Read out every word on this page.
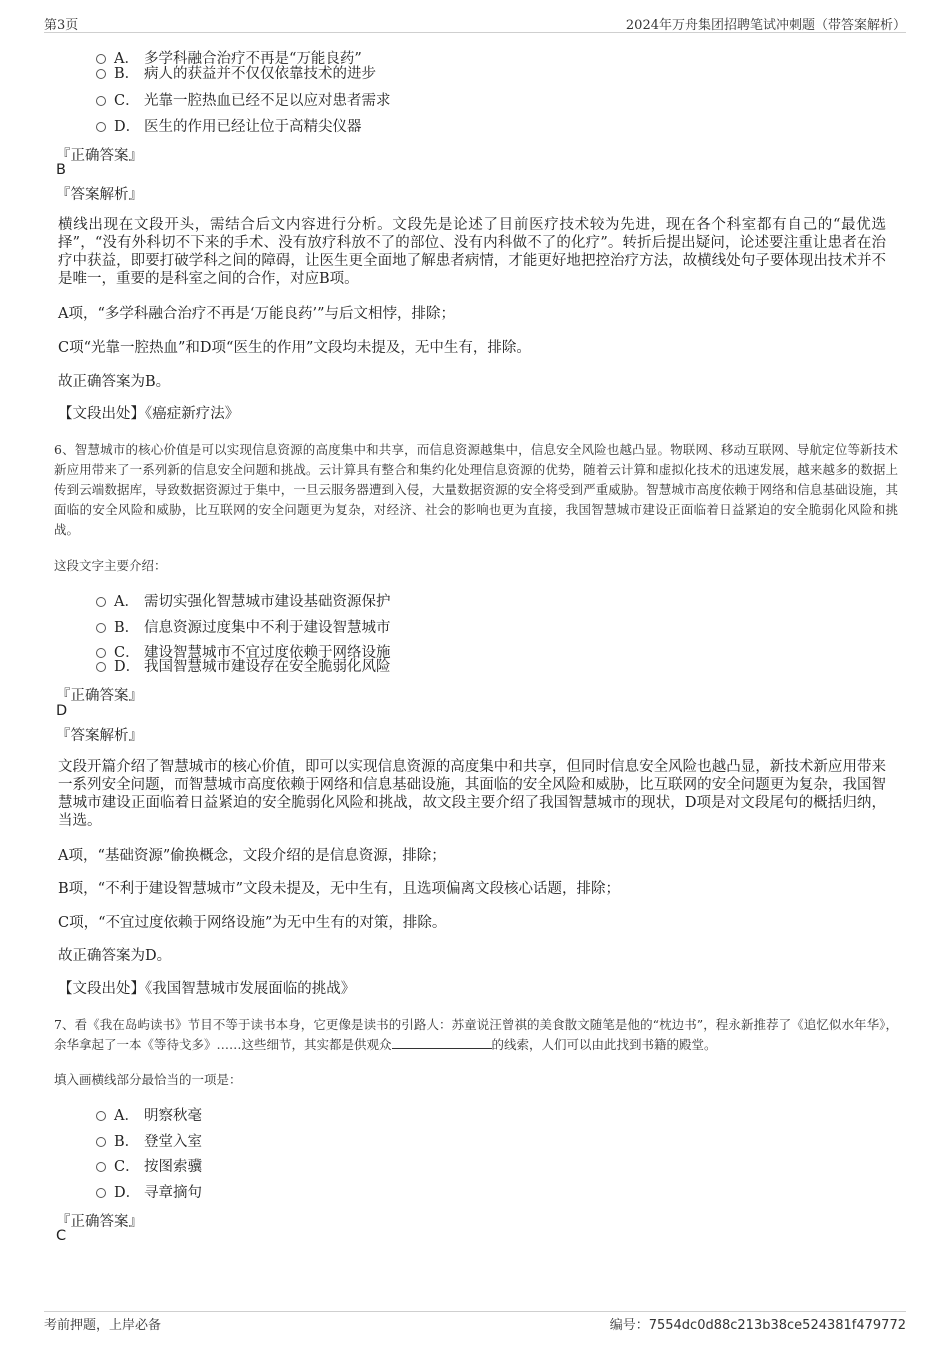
第3页	2024年万舟集团招聘笔试冲刺题（带答案解析）
A． 多学科融合治疗不再是“万能良药”
B． 病人的获益并不仅仅依靠技术的进步
C． 光靠一腔热血已经不足以应对患者需求
D． 医生的作用已经让位于高精尖仪器
『正确答案』
B
『答案解析』
横线出现在文段开头，需结合后文内容进行分析。文段先是论述了目前医疗技术较为先进，现在各个科室都有自己的“最优选择”，“没有外科切不下来的手术、没有放疗科放不了的部位、没有内科做不了的化疗”。转折后提出疑问，论述要注重让患者在治疗中获益，即要打破学科之间的障碍，让医生更全面地了解患者病情，才能更好地把控治疗方法，故横线处句子要体现出技术并不是唯一，重要的是科室之间的合作，对应B项。
A项，“多学科融合治疗不再是‘万能良药’”与后文相悖，排除；
C项“光靠一腔热血”和D项“医生的作用”文段均未提及，无中生有，排除。
故正确答案为B。
【文段出处】《癌症新疗法》
6、智慧城市的核心价值是可以实现信息资源的高度集中和共享，而信息资源越集中，信息安全风险也越凸显。物联网、移动互联网、导航定位等新技术新应用带来了一系列新的信息安全问题和挑战。云计算具有整合和集约化处理信息资源的优势，随着云计算和虚拟化技术的迅速发展，越来越多的数据上传到云端数据库，导致数据资源过于集中，一旦云服务器遭到入侵，大量数据资源的安全将受到严重威胁。智慧城市高度依赖于网络和信息基础设施，其面临的安全风险和威胁，比互联网的安全问题更为复杂，对经济、社会的影响也更为直接，我国智慧城市建设正面临着日益紧迫的安全脆弱化风险和挑战。
这段文字主要介绍：
A． 需切实强化智慧城市建设基础资源保护
B． 信息资源过度集中不利于建设智慧城市
C． 建设智慧城市不宜过度依赖于网络设施
D． 我国智慧城市建设存在安全脆弱化风险
『正确答案』
D
『答案解析』
文段开篇介绍了智慧城市的核心价值，即可以实现信息资源的高度集中和共享，但同时信息安全风险也越凸显，新技术新应用带来一系列安全问题，而智慧城市高度依赖于网络和信息基础设施，其面临的安全风险和威胁，比互联网的安全问题更为复杂，我国智慧城市建设正面临着日益紧迫的安全脆弱化风险和挑战，故文段主要介绍了我国智慧城市的现状，D项是对文段尾句的概括归纳，当选。
A项，“基础资源”偷换概念，文段介绍的是信息资源，排除；
B项，“不利于建设智慧城市”文段未提及，无中生有，且选项偏离文段核心话题，排除；
C项，“不宜过度依赖于网络设施”为无中生有的对策，排除。
故正确答案为D。
【文段出处】《我国智慧城市发展面临的挑战》
7、看《我在岛屿读书》节目不等于读书本身，它更像是读书的引路人：苏童说汪曾祺的美食散文随笔是他的“枕边书”，程永新推荐了《追忆似水年华》，余华拿起了一本《等待戈多》……这些细节，其实都是供观众	的线索，人们可以由此找到书籍的殿堂。
填入画横线部分最恰当的一项是：
A． 明察秋毫
B． 登堂入室
C． 按图索骥
D． 寻章摘句
『正确答案』
C
考前押题，上岸必备	编号：7554dc0d88c213b38ce524381f479772
